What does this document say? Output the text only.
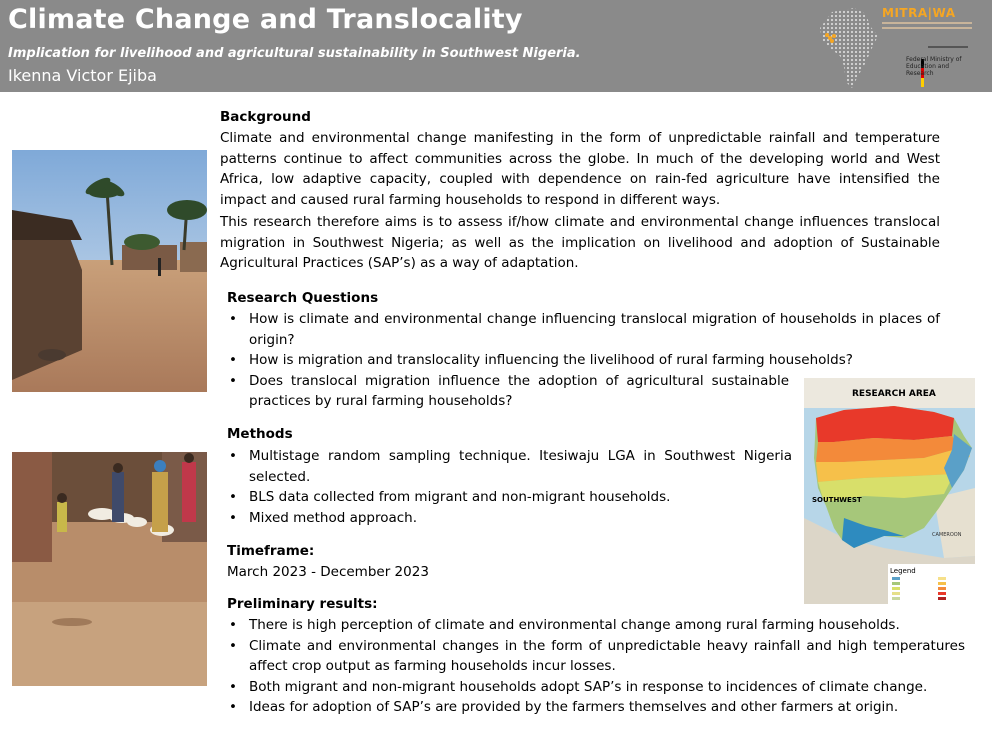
Climate Change and Translocality
Implication for livelihood and agricultural sustainability in Southwest Nigeria.
Ikenna Victor Ejiba
MITRA|WA
Federal Ministry of Education and Research
RESEARCH AREA
SOUTHWEST
CAMEROON
Legend
Background
Climate and environmental change manifesting in the form of unpredictable rainfall and temperature patterns continue to affect communities across the globe. In much of the developing world and West Africa, low adaptive capacity, coupled with dependence on rain-fed agriculture have intensified the impact and caused rural farming households to respond in different ways.
This research therefore aims is to assess if/how climate and environmental change influences translocal migration in Southwest Nigeria; as well as the implication on livelihood and adoption of Sustainable Agricultural Practices (SAP’s) as a way of adaptation.
Research Questions
• How is climate and environmental change influencing translocal migration of households in places of origin?
• How is migration and translocality influencing the livelihood of rural farming households?
• Does translocal migration influence the adoption of agricultural sustainable practices by rural farming households?
Methods
• Multistage random sampling technique. Itesiwaju LGA in Southwest Nigeria selected.
• BLS data collected from migrant and non-migrant households.
• Mixed method approach.
Timeframe:
March 2023 - December 2023
Preliminary results:
• There is high perception of climate and environmental change among rural farming households.
• Climate and environmental changes in the form of unpredictable heavy rainfall and high temperatures affect crop output as farming households incur losses.
• Both migrant and non-migrant households adopt SAP’s in response to incidences of climate change.
• Ideas for adoption of SAP’s are provided by the farmers themselves and other farmers at origin.
